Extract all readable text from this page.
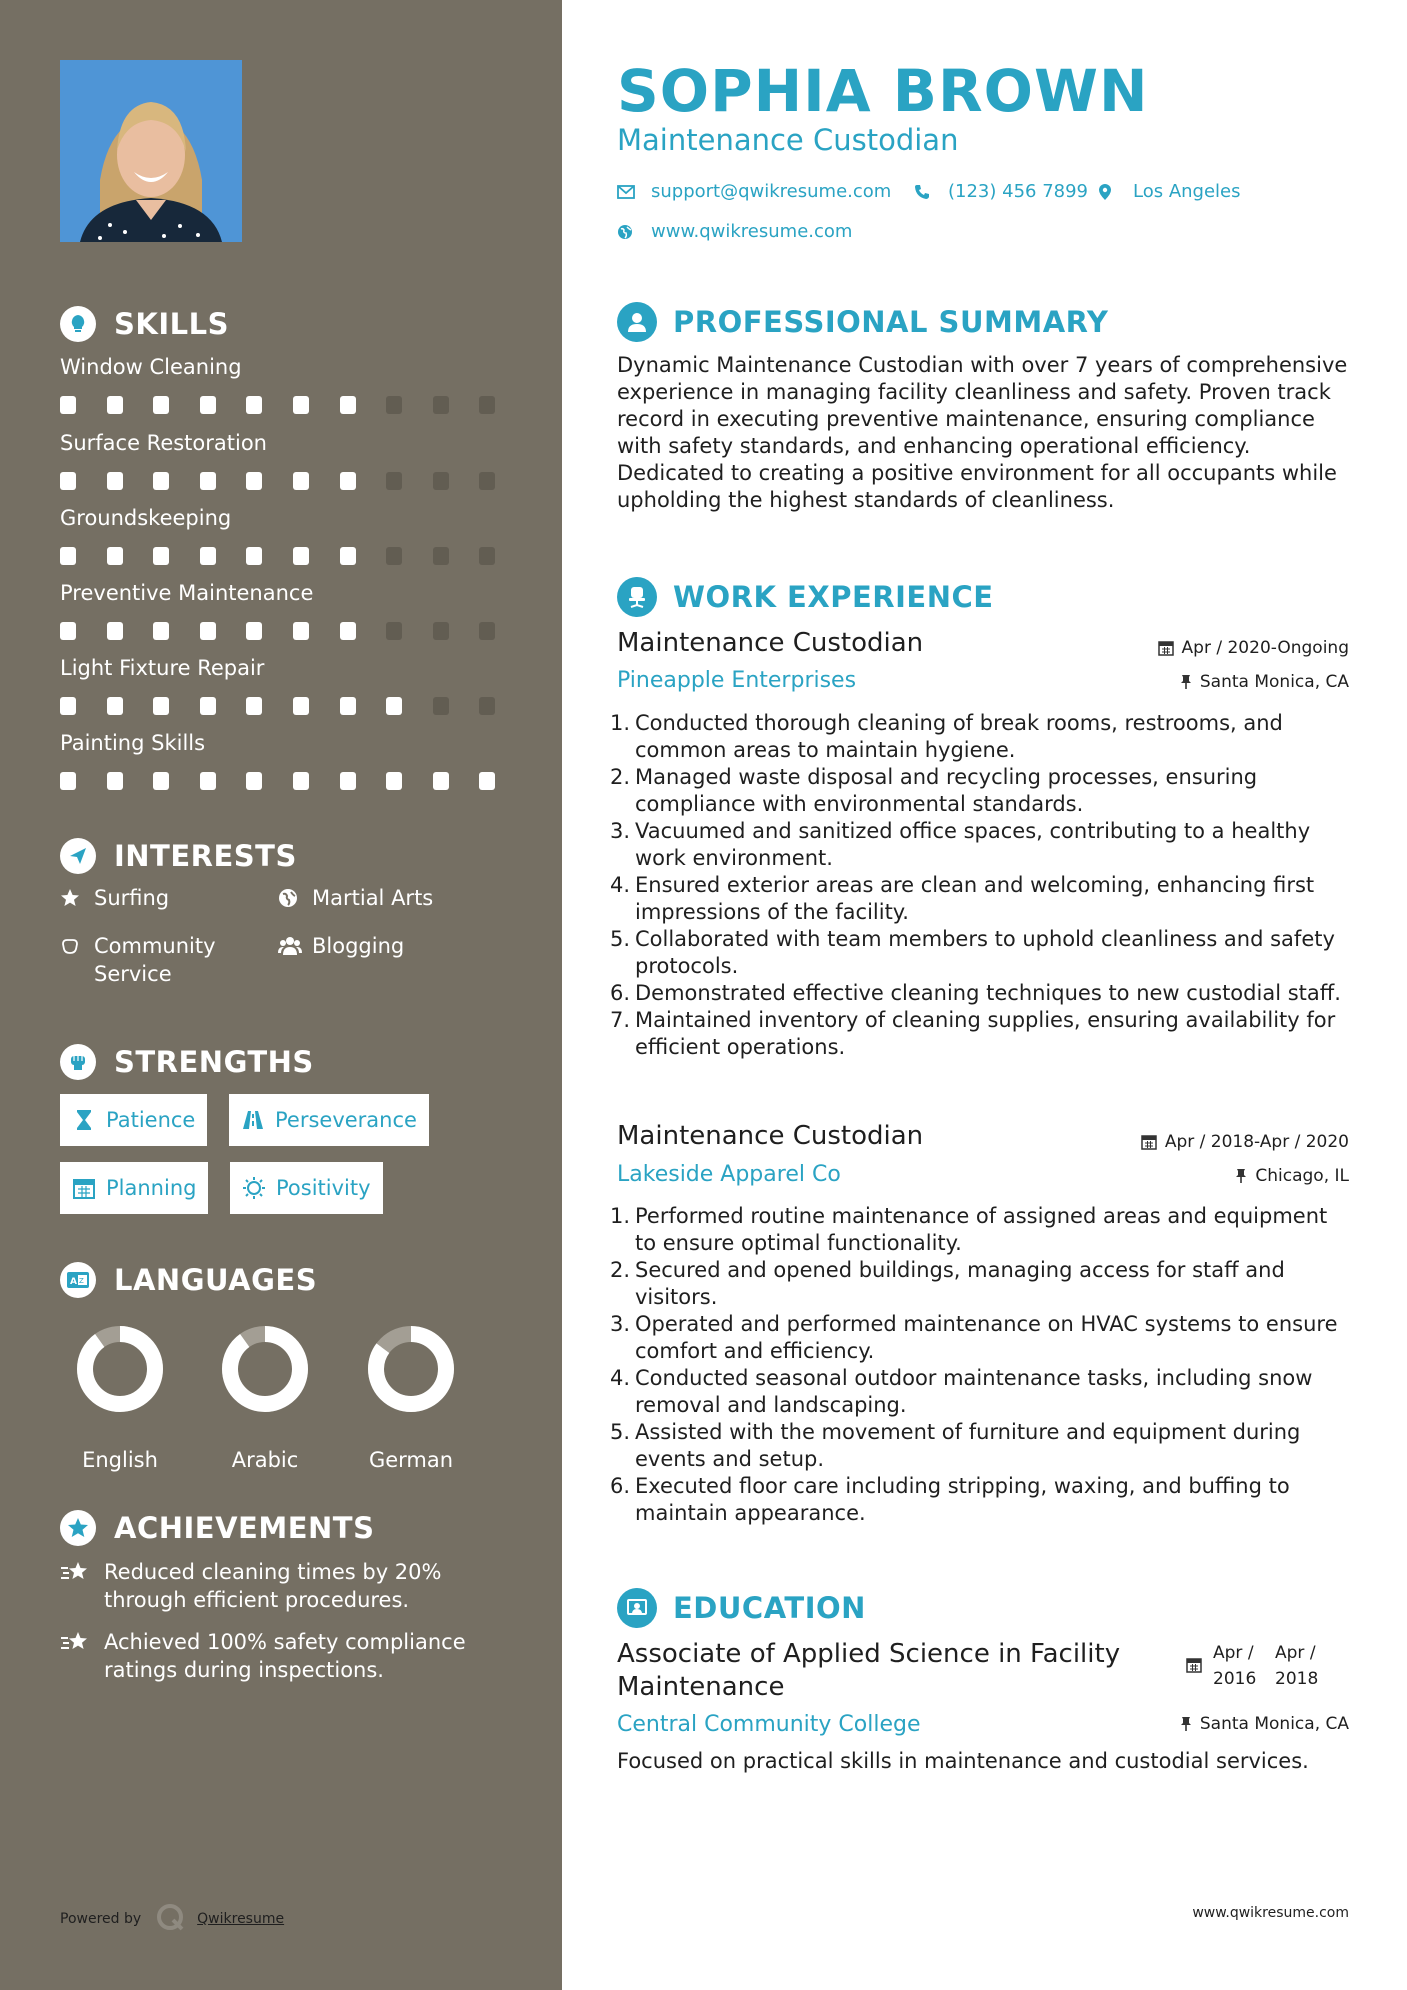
SKILLS
Window Cleaning
Surface Restoration
Groundskeeping
Preventive Maintenance
Light Fixture Repair
Painting Skills
INTERESTS
Surfing	Martial Arts
Community Service
Blogging
STRENGTHS
Patience	Perseverance
Planning	Positivity
A Z LANGUAGES
English	Arabic	German
ACHIEVEMENTS
Reduced cleaning times by 20% through efficient procedures.
Achieved 100% safety compliance ratings during inspections.
Powered by	Qwikresume
SOPHIA BROWN
Maintenance Custodian
support@qwikresume.com	(123) 456 7899 Los Angeles
www.qwikresume.com
PROFESSIONAL SUMMARY
Dynamic Maintenance Custodian with over 7 years of comprehensive experience in managing facility cleanliness and safety. Proven track record in executing preventive maintenance, ensuring compliance with safety standards, and enhancing operational efficiency. Dedicated to creating a positive environment for all occupants while upholding the highest standards of cleanliness.
WORK EXPERIENCE
Maintenance Custodian
Pineapple Enterprises
Apr / 2020-Ongoing
Santa Monica, CA
1. Conducted thorough cleaning of break rooms, restrooms, and common areas to maintain hygiene.
2. Managed waste disposal and recycling processes, ensuring compliance with environmental standards.
3. Vacuumed and sanitized office spaces, contributing to a healthy work environment.
4. Ensured exterior areas are clean and welcoming, enhancing first impressions of the facility.
5. Collaborated with team members to uphold cleanliness and safety protocols.
6. Demonstrated effective cleaning techniques to new custodial staff.
7. Maintained inventory of cleaning supplies, ensuring availability for efficient operations.
Maintenance Custodian
Lakeside Apparel Co
Apr / 2018-Apr / 2020
Chicago, IL
1. Performed routine maintenance of assigned areas and equipment to ensure optimal functionality.
2. Secured and opened buildings, managing access for staff and visitors.
3. Operated and performed maintenance on HVAC systems to ensure comfort and efficiency.
4. Conducted seasonal outdoor maintenance tasks, including snow removal and landscaping.
5. Assisted with the movement of furniture and equipment during events and setup.
6. Executed floor care including stripping, waxing, and buffing to maintain appearance.
EDUCATION
Associate of Applied Science in Facility Maintenance
Central Community College
Focused on practical skills in maintenance and custodial services.
Apr /
2016
Apr /
2018
Santa Monica, CA
www.qwikresume.com
